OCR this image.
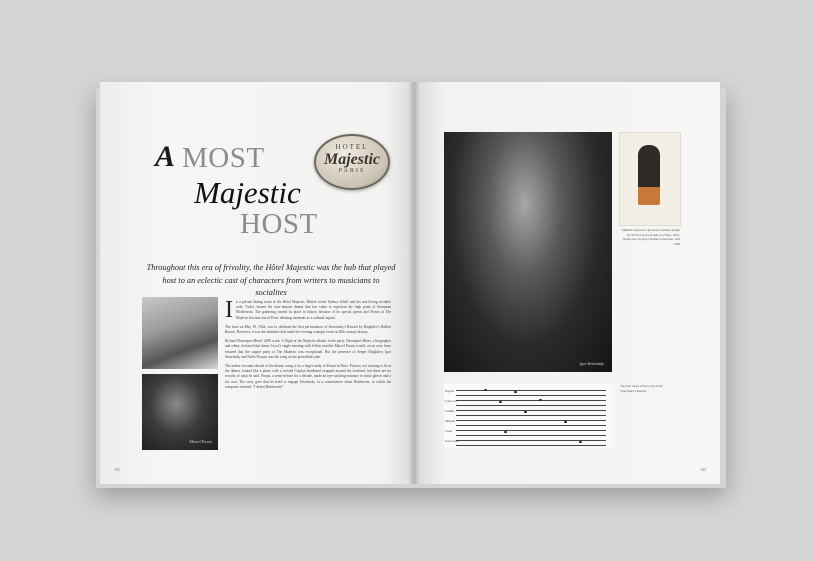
A MOST
Majestic
HOST
HOTEL
Majestic
PARIS
Throughout this era of frivolity, the Hôtel Majestic was the hub that played host to an eclectic cast of characters from writers to musicians to socialites
Marcel Proust

In a private dining room at the Hôtel Majestic, British writer Sydney Schiff and his arts-loving socialite wife, Violet, hosted the now-famous dinner that has come to represent the high point of European Modernism. The gathering earned its place in history because of its special guests and Proust at The Majestic became one of Paris' defining moments as a cultural capital.

The feast on May 18, 1922, was to celebrate the first performance of Stravinsky's Renard by Diaghilev's Ballets Russes. However, it was the attendees that made the evening a unique event in 20th century history.

Richard Davenport-Hines' 2006 work, A Night at the Majestic alludes to the party. Davenport-Hines, a biographer and editor, declared that James Joyce's single meeting with fellow novelist Marcel Proust would, on its own, have ensured that the supper party at The Majestic was exceptional. But the presence of Sergei Diaghilev, Igor Stravinsky and Pablo Picasso was the icing on the proverbial cake.

The author recounts details of the dinner, using it for a larger study of Proust in Paris. Picasso, not wanting to be at the dinner, looked like a pirate with a twisted Catalan headband wrapped around his forehead, but there are no records of what he said. Proust, a semi-recluse for a decade, made an eye-catching entrance in white gloves and a fur coat. The story goes that he tried to engage Stravinsky in a conversation about Beethoven, to which the composer retorted, "I detest Beethoven!"

182
Igor Stravinsky
Mikhail Larionov's pictorial costume design for the Fox (Lisa-fraud) at a Ness, 1922. Watercolor George Charles Collection, Gift 1969
Fagotto
Corno in F
Tromba
Timpani
Cassa
Gran Cassa
The first notes of the score from Stravinsky's Renard
183
